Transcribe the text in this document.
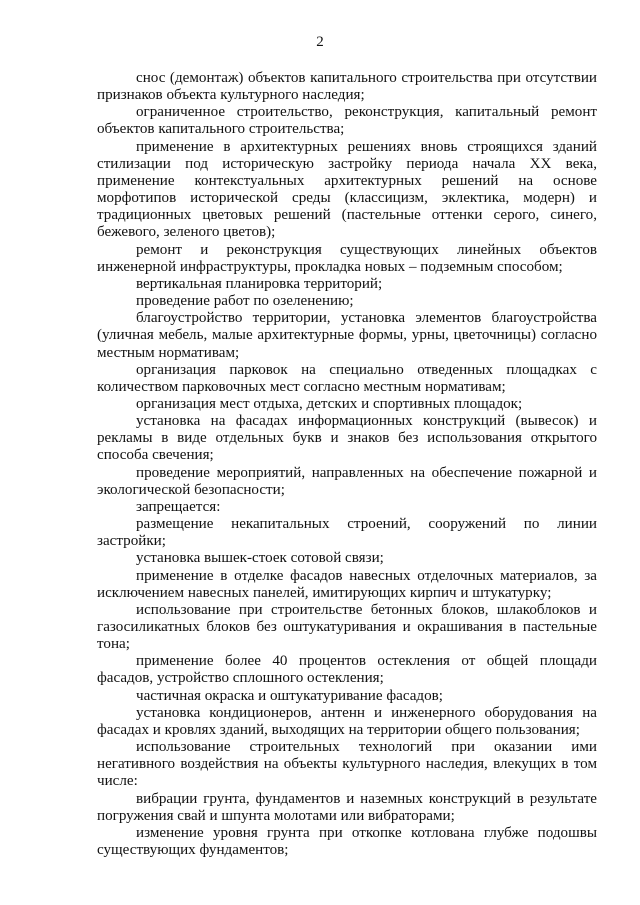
2

снос (демонтаж) объектов капитального строительства при отсутствии признаков объекта культурного наследия;

ограниченное строительство, реконструкция, капитальный ремонт объектов капитального строительства;

применение в архитектурных решениях вновь строящихся зданий стилизации под историческую застройку периода начала XX века, применение контекстуальных архитектурных решений на основе морфотипов исторической среды (классицизм, эклектика, модерн) и традиционных цветовых решений (пастельные оттенки серого, синего, бежевого, зеленого цветов);

ремонт и реконструкция существующих линейных объектов инженерной инфраструктуры, прокладка новых – подземным способом;

вертикальная планировка территорий;

проведение работ по озеленению;

благоустройство территории, установка элементов благоустройства (уличная мебель, малые архитектурные формы, урны, цветочницы) согласно местным нормативам;

организация парковок на специально отведенных площадках с количеством парковочных мест согласно местным нормативам;

организация мест отдыха, детских и спортивных площадок;

установка на фасадах информационных конструкций (вывесок) и рекламы в виде отдельных букв и знаков без использования открытого способа свечения;

проведение мероприятий, направленных на обеспечение пожарной и экологической безопасности;

запрещается:

размещение некапитальных строений, сооружений по линии застройки;

установка вышек-стоек сотовой связи;

применение в отделке фасадов навесных отделочных материалов, за исключением навесных панелей, имитирующих кирпич и штукатурку;

использование при строительстве бетонных блоков, шлакоблоков и газосиликатных блоков без оштукатуривания и окрашивания в пастельные тона;

применение более 40 процентов остекления от общей площади фасадов, устройство сплошного остекления;

частичная окраска и оштукатуривание фасадов;

установка кондиционеров, антенн и инженерного оборудования на фасадах и кровлях зданий, выходящих на территории общего пользования;

использование строительных технологий при оказании ими негативного воздействия на объекты культурного наследия, влекущих в том числе:

вибрации грунта, фундаментов и наземных конструкций в результате погружения свай и шпунта молотами или вибраторами;

изменение уровня грунта при откопке котлована глубже подошвы существующих фундаментов;
